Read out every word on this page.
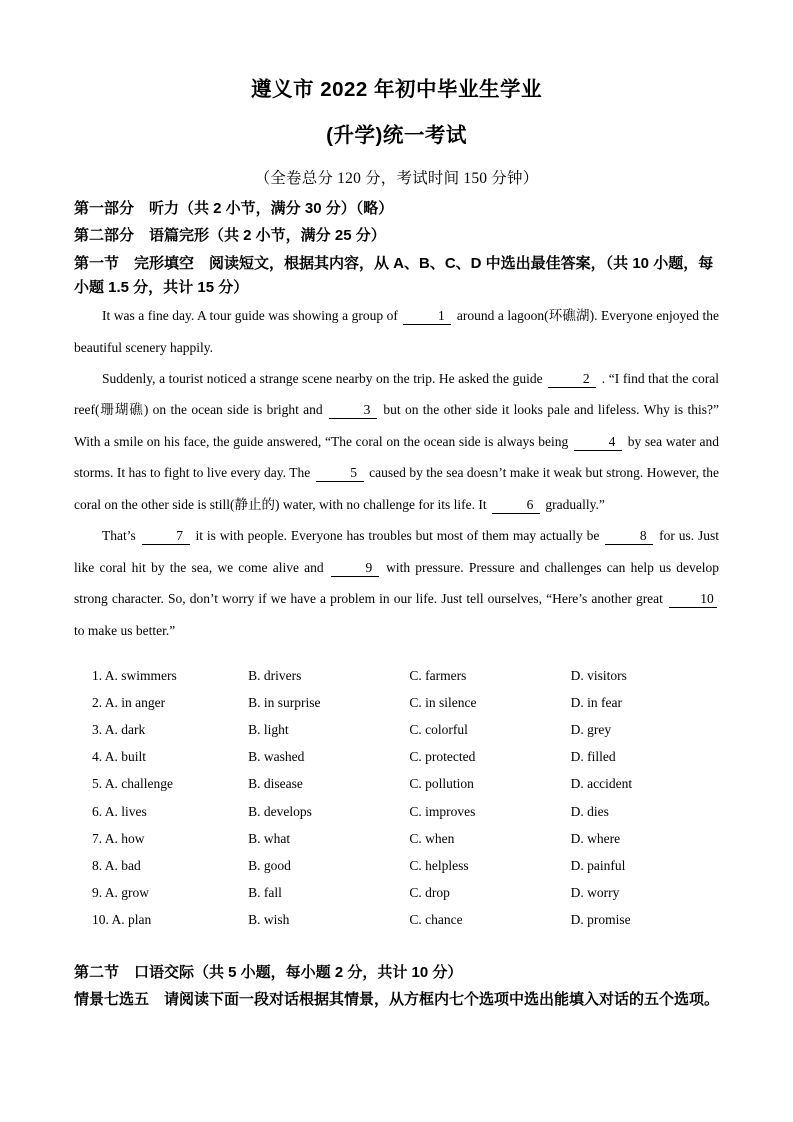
遵义市 2022 年初中毕业生学业
(升学)统一考试
（全卷总分 120 分，考试时间 150 分钟）
第一部分　听力（共 2 小节，满分 30 分）（略）
第二部分　语篇完形（共 2 小节，满分 25 分）
第一节　完形填空　阅读短文，根据其内容，从 A、B、C、D 中选出最佳答案，（共 10 小题，每小题 1.5 分，共计 15 分）

It was a fine day. A tour guide was showing a group of	1 around a lagoon(环礁湖). Everyone enjoyed the beautiful scenery happily.

Suddenly, a tourist noticed a strange scene nearby on the trip. He asked the guide	2 . “I find that the coral reef(珊瑚礁) on the ocean side is bright and	3 but on the other side it looks pale and lifeless. Why is this?” With a smile on his face, the guide answered, “The coral on the ocean side is always being	4 by sea water and storms. It has to fight to live every day. The	5 caused by the sea doesn’t make it weak but strong. However, the coral on the other side is still(静止的) water, with no challenge for its life. It	6 gradually.”

That’s	7 it is with people. Everyone has troubles but most of them may actually be	8 for us. Just like coral hit by the sea, we come alive and	9 with pressure. Pressure and challenges can help us develop strong character. So, don’t worry if we have a problem in our life. Just tell ourselves, “Here’s another great	10 to make us better.”

1. A. swimmers	B. drivers	C. farmers	D. visitors
2. A. in anger	B. in surprise	C. in silence	D. in fear
3. A. dark	B. light	C. colorful	D. grey
4. A. built	B. washed	C. protected	D. filled
5. A. challenge	B. disease	C. pollution	D. accident
6. A. lives	B. develops	C. improves	D. dies
7. A. how	B. what	C. when	D. where
8. A. bad	B. good	C. helpless	D. painful
9. A. grow	B. fall	C. drop	D. worry
10. A. plan	B. wish	C. chance	D. promise
第二节　口语交际（共 5 小题，每小题 2 分，共计 10 分）
情景七选五　请阅读下面一段对话根据其情景，从方框内七个选项中选出能填入对话的五个选项。
